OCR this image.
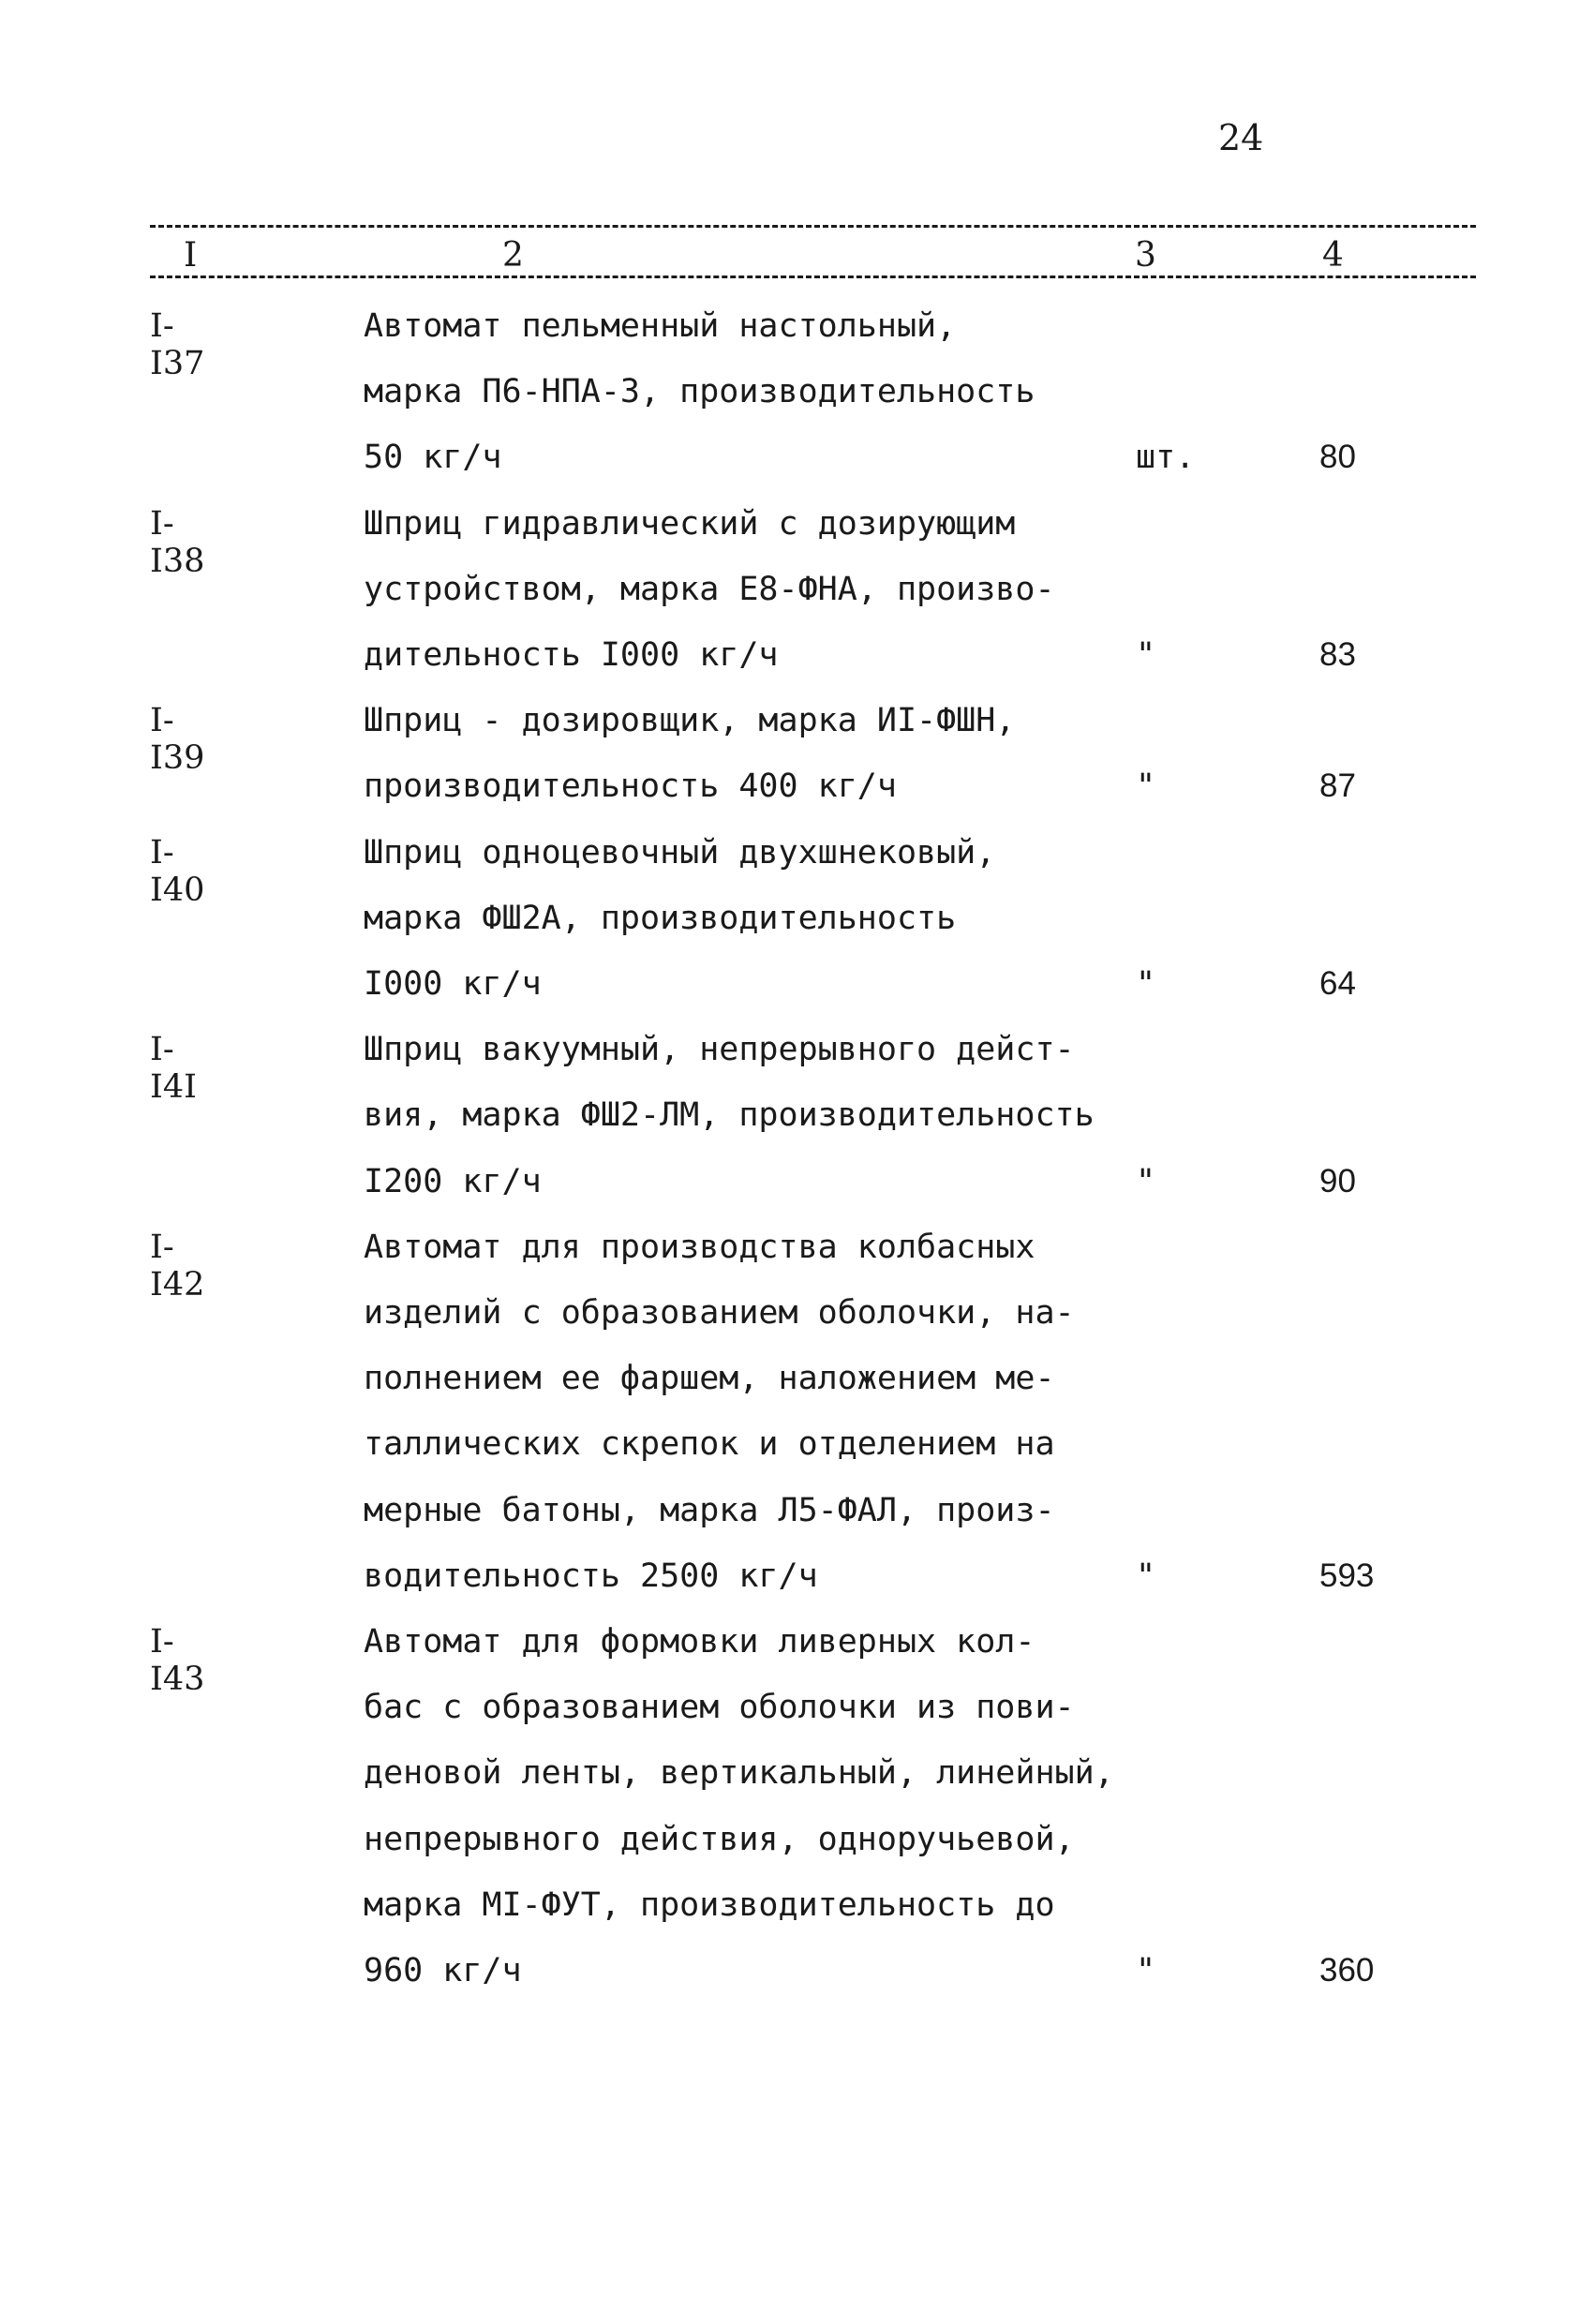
24
I	2	3	4
I-I37
Автомат пельменный настольный,
марка П6-НПА-3, производительность
50 кг/ч	шт.	80
I-I38
Шприц гидравлический с дозирующим
устройством, марка Е8-ФНА, произво-
дительность I000 кг/ч	"	83
I-I39
Шприц - дозировщик, марка ИI-ФШН,
производительность 400 кг/ч	"	87
I-I40
Шприц одноцевочный двухшнековый,
марка ФШ2А, производительность
I000 кг/ч	"	64
I-I4I
Шприц вакуумный, непрерывного дейст-
вия, марка ФШ2-ЛМ, производительность
I200 кг/ч	"	90
I-I42
Автомат для производства колбасных
изделий с образованием оболочки, на-
полнением ее фаршем, наложением ме-
таллических скрепок и отделением на
мерные батоны, марка Л5-ФАЛ, произ-
водительность 2500 кг/ч	"	593
I-I43
Автомат для формовки ливерных кол-
бас с образованием оболочки из пови-
деновой ленты, вертикальный, линейный,
непрерывного действия, одноручьевой,
марка МI-ФУТ, производительность до
960 кг/ч	"	360
